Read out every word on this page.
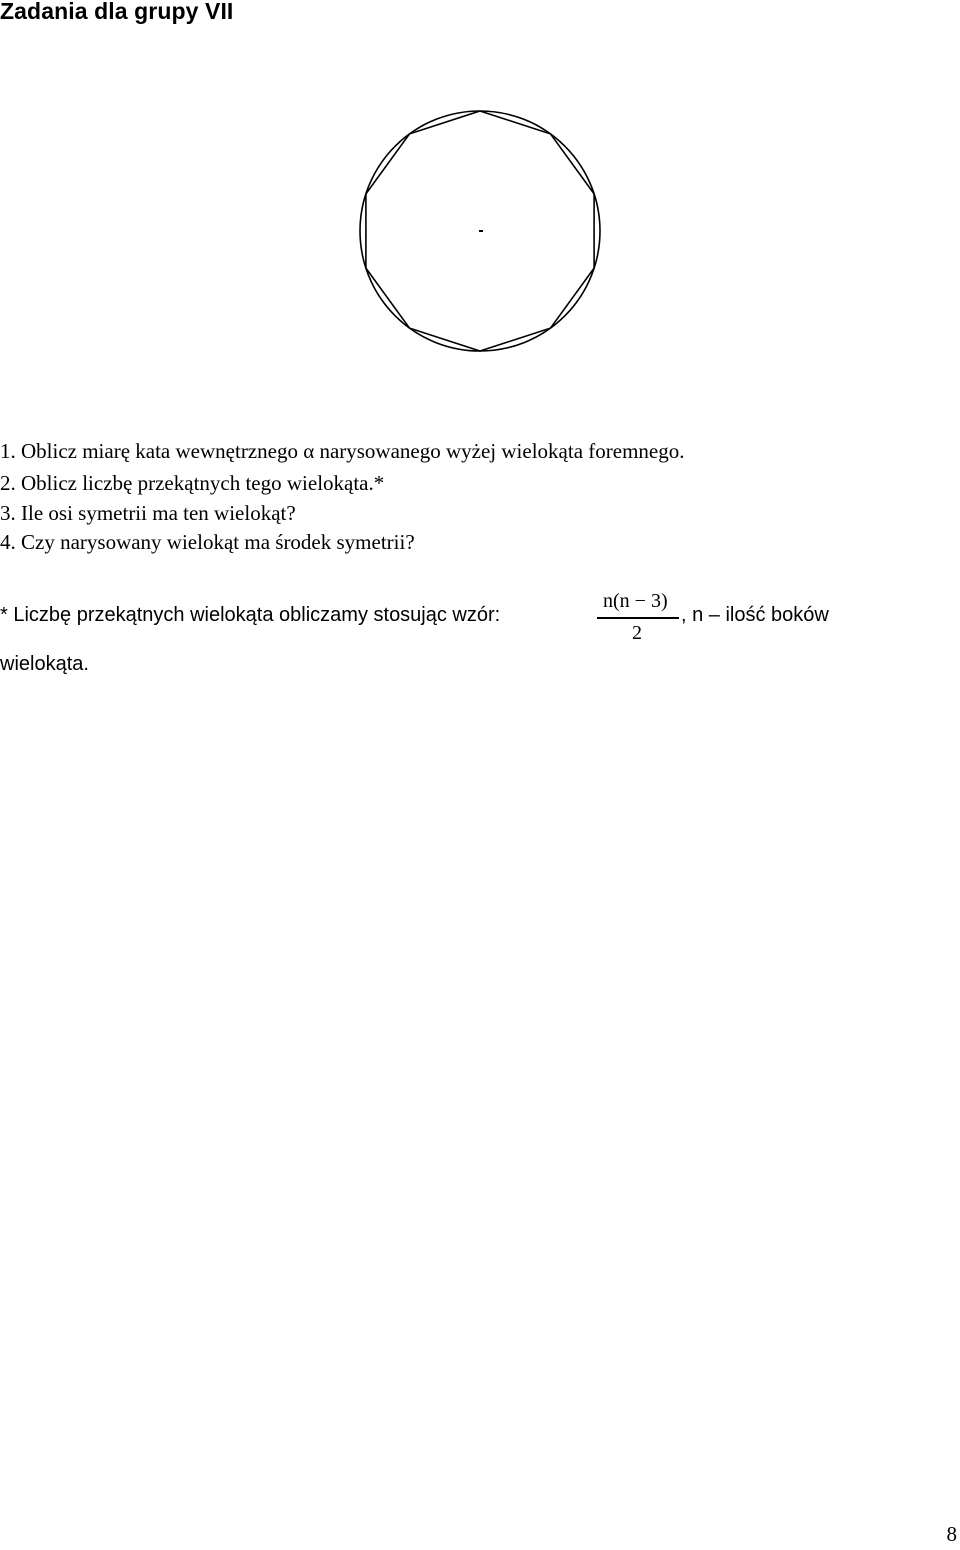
Zadania dla grupy VII
1. Oblicz miarę kata wewnętrznego α narysowanego wyżej wielokąta foremnego.
2. Oblicz liczbę przekątnych tego wielokąta.*
3. Ile osi symetrii ma ten wielokąt?
4. Czy narysowany wielokąt ma środek symetrii?
* Liczbę przekątnych wielokąta obliczamy stosując wzór:
n(n − 3)
2
, n – ilość boków
wielokąta.
8
